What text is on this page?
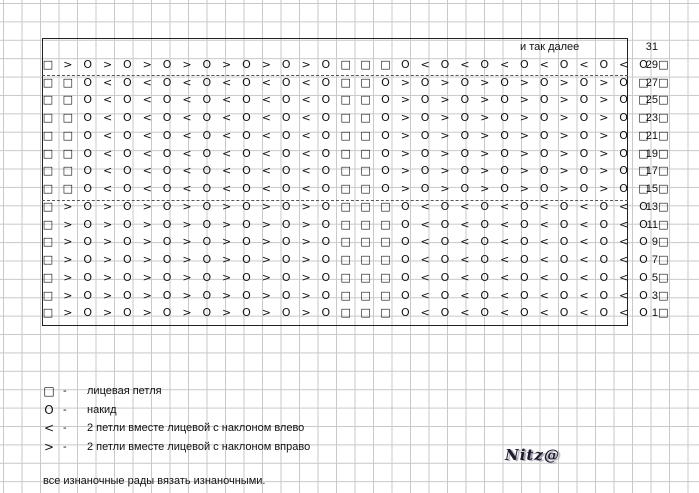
и так далее	31
29
□ > O > O > O > O > O > O > O □ □ □ O < O < O < O < O < O < O □
27
□ □ O < O < O < O < O < O < O □ □ O > O > O > O > O > O > O □ □
25
□ □ O < O < O < O < O < O < O □ □ O > O > O > O > O > O > O □ □
23
□ □ O < O < O < O < O < O < O □ □ O > O > O > O > O > O > O □ □
21
□ □ O < O < O < O < O < O < O □ □ O > O > O > O > O > O > O □ □
19
□ □ O < O < O < O < O < O < O □ □ O > O > O > O > O > O > O □ □
17
□ □ O < O < O < O < O < O < O □ □ O > O > O > O > O > O > O □ □
15
□ □ O < O < O < O < O < O < O □ □ O > O > O > O > O > O > O □ □
13
□ > O > O > O > O > O > O > O □ □ □ O < O < O < O < O < O < O □
11
□ > O > O > O > O > O > O > O □ □ □ O < O < O < O < O < O < O □
9
□ > O > O > O > O > O > O > O □ □ □ O < O < O < O < O < O < O □
7
□ > O > O > O > O > O > O > O □ □ □ O < O < O < O < O < O < O □
5
□ > O > O > O > O > O > O > O □ □ □ O < O < O < O < O < O < O □
3
□ > O > O > O > O > O > O > O □ □ □ O < O < O < O < O < O < O □
1
□ > O > O > O > O > O > O > O □ □ □ O < O < O < O < O < O < O □
□ - лицевая петля
O - накид
< - 2 петли вместе лицевой с наклоном влево
> - 2 петли вместе лицевой с наклоном вправо	Nitz@
все изнаночные рады вязать изнаночными.
